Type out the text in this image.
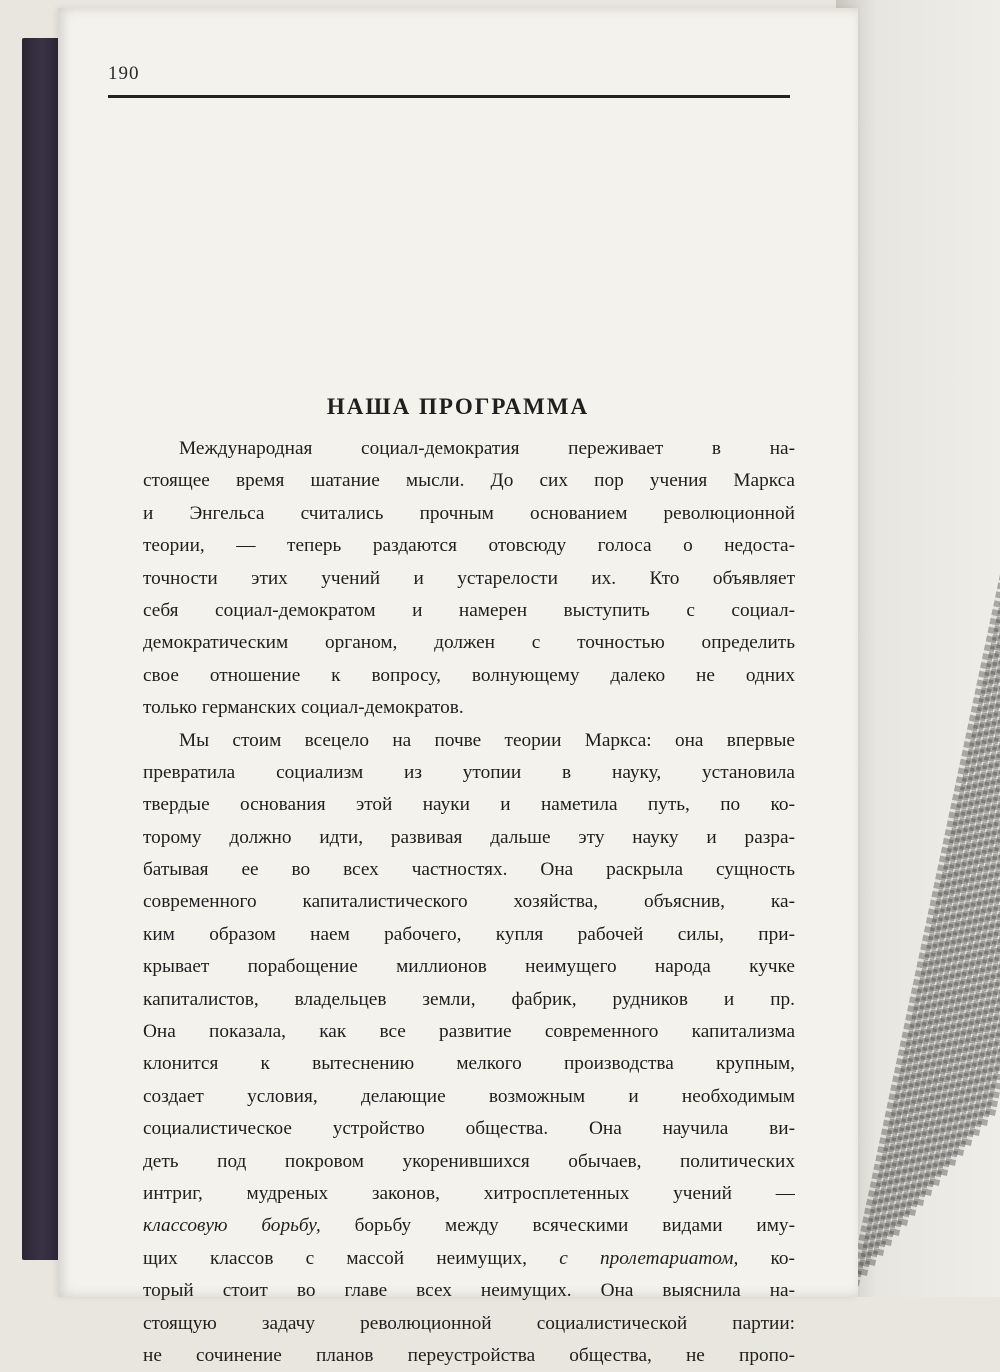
190
НАША ПРОГРАММА
Международная социал-демократия переживает в на-
стоящее время шатание мысли. До сих пор учения Маркса
и Энгельса считались прочным основанием революционной
теории, — теперь раздаются отовсюду голоса о недоста-
точности этих учений и устарелости их. Кто объявляет
себя социал-демократом и намерен выступить с социал-
демократическим органом, должен с точностью определить
свое отношение к вопросу, волнующему далеко не одних
только германских социал-демократов.
Мы стоим всецело на почве теории Маркса: она впервые
превратила социализм из утопии в науку, установила
твердые основания этой науки и наметила путь, по ко-
торому должно идти, развивая дальше эту науку и разра-
батывая ее во всех частностях. Она раскрыла сущность
современного капиталистического хозяйства, объяснив, ка-
ким образом наем рабочего, купля рабочей силы, при-
крывает порабощение миллионов неимущего народа кучке
капиталистов, владельцев земли, фабрик, рудников и пр.
Она показала, как все развитие современного капитализма
клонится к вытеснению мелкого производства крупным,
создает условия, делающие возможным и необходимым
социалистическое устройство общества. Она научила ви-
деть под покровом укоренившихся обычаев, политических
интриг, мудреных законов, хитросплетенных учений —
классовую борьбу, борьбу между всяческими видами иму-
щих классов с массой неимущих, с пролетариатом, ко-
торый стоит во главе всех неимущих. Она выяснила на-
стоящую задачу революционной социалистической партии:
не сочинение планов переустройства общества, не пропо-
